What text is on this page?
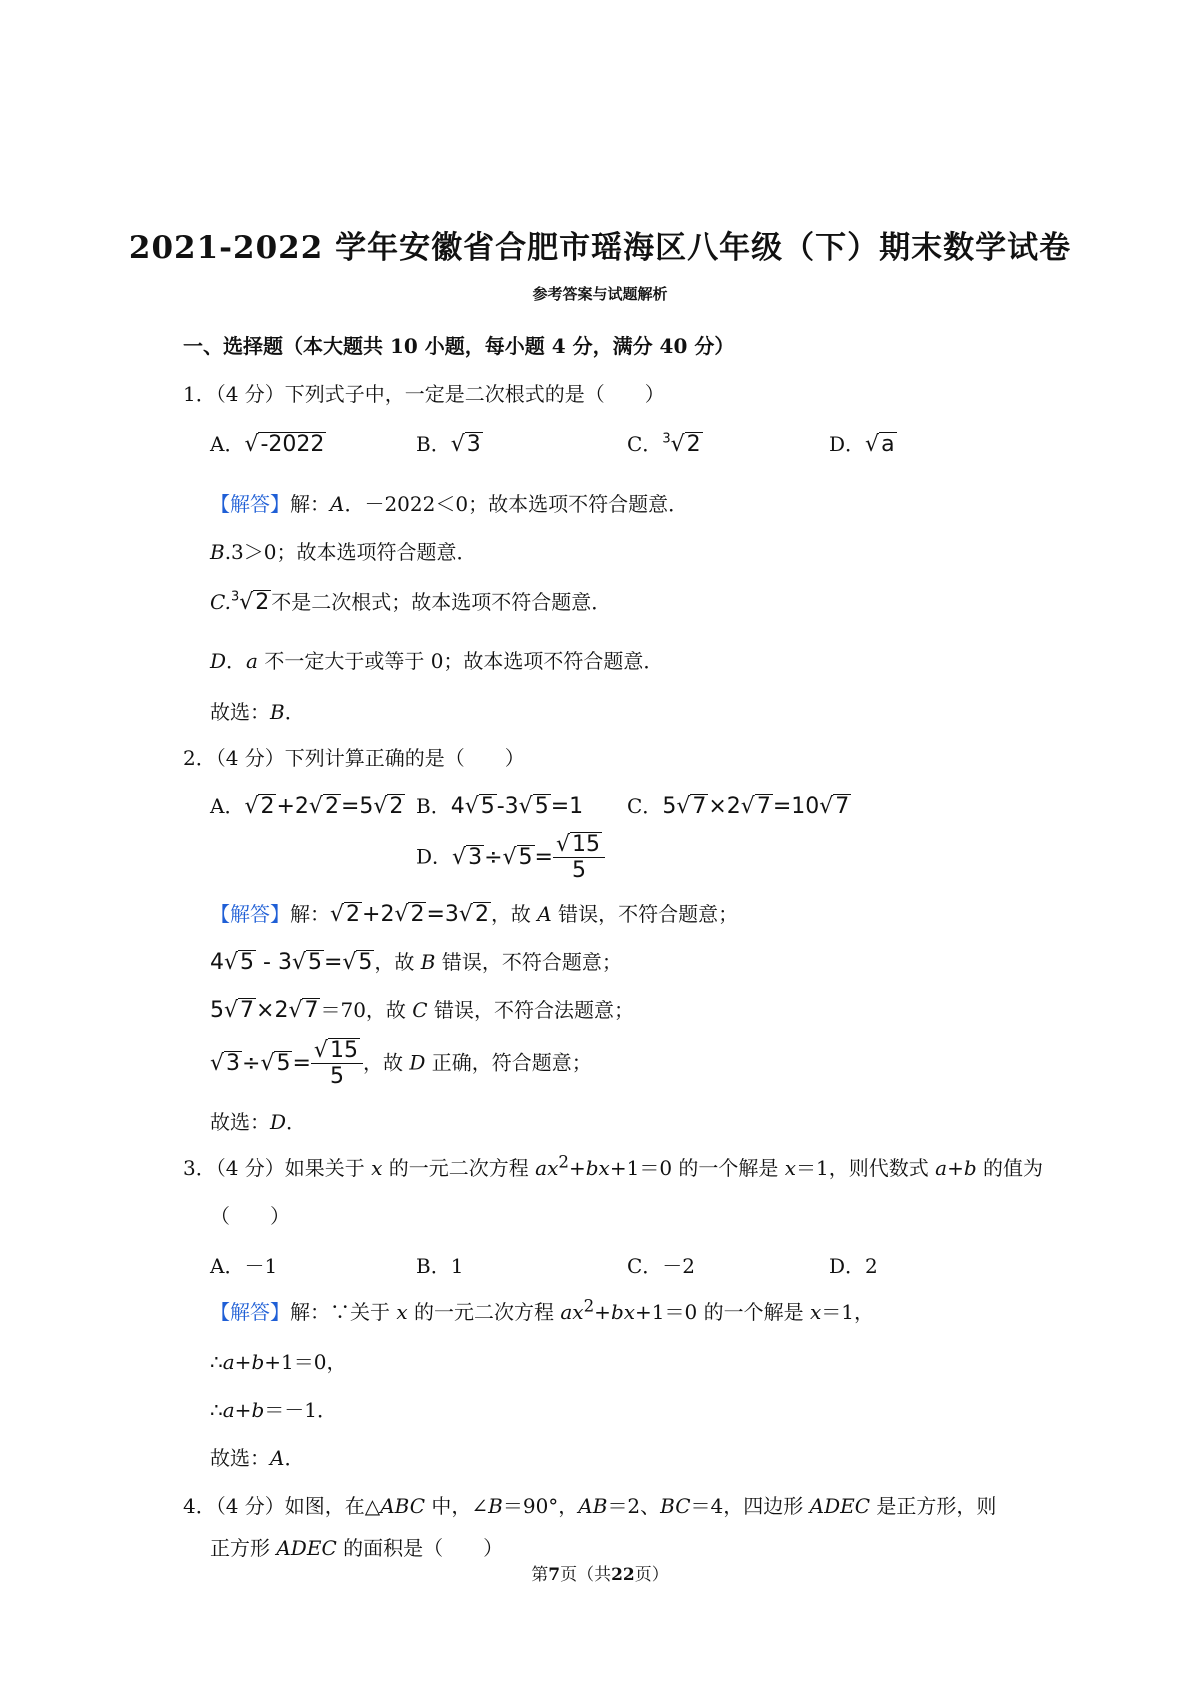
2021-2022 学年安徽省合肥市瑶海区八年级（下）期末数学试卷
参考答案与试题解析
一、选择题（本大题共 10 小题，每小题 4 分，满分 40 分）
1．（4 分）下列式子中，一定是二次根式的是（　　）
A．√-2022	B．√3	C．$^3$√2	D．√a
【解答】解：A．－2022＜0；故本选项不符合题意．
B.3＞0；故本选项符合题意．
C.$^3$√2 不是二次根式；故本选项不符合题意．
D．a 不一定大于或等于 0；故本选项不符合题意．
故选：B．
2．（4 分）下列计算正确的是（　　）
A．√2+2√2=5√2 B．4√5-3√5=1 C．5√7×2√7=10√7
D．$√3\div√5= \frac{√15}{5}$
【解答】解：√2+2√2=3√2 ，故 A 错误，不符合题意；
4√5 - 3√5=√5 ，故 B 错误，不符合题意；
5√7×2√7 ＝70，故 C 错误，不符合法题意；
$√3\div√5= \frac{√15}{5}$ ，故 D 正确，符合题意；
故选：D．
3．（4 分）如果关于 x 的一元二次方程 $ax^2+bx+1=0$ 的一个解是 x＝1，则代数式 a+b 的值为
（　　）
A．－1	B．1	C．－2	D．2
【解答】解：∵关于 x 的一元二次方程 $ax^2+bx+1=0$ 的一个解是 x＝1，
∴a+b+1＝0，
∴a+b＝－1．
故选：A．
4．（4 分）如图，在△ABC 中，∠B＝90°，AB＝2、BC＝4，四边形 ADEC 是正方形，则
正方形 ADEC 的面积是（　　）
第7页（共22页）
